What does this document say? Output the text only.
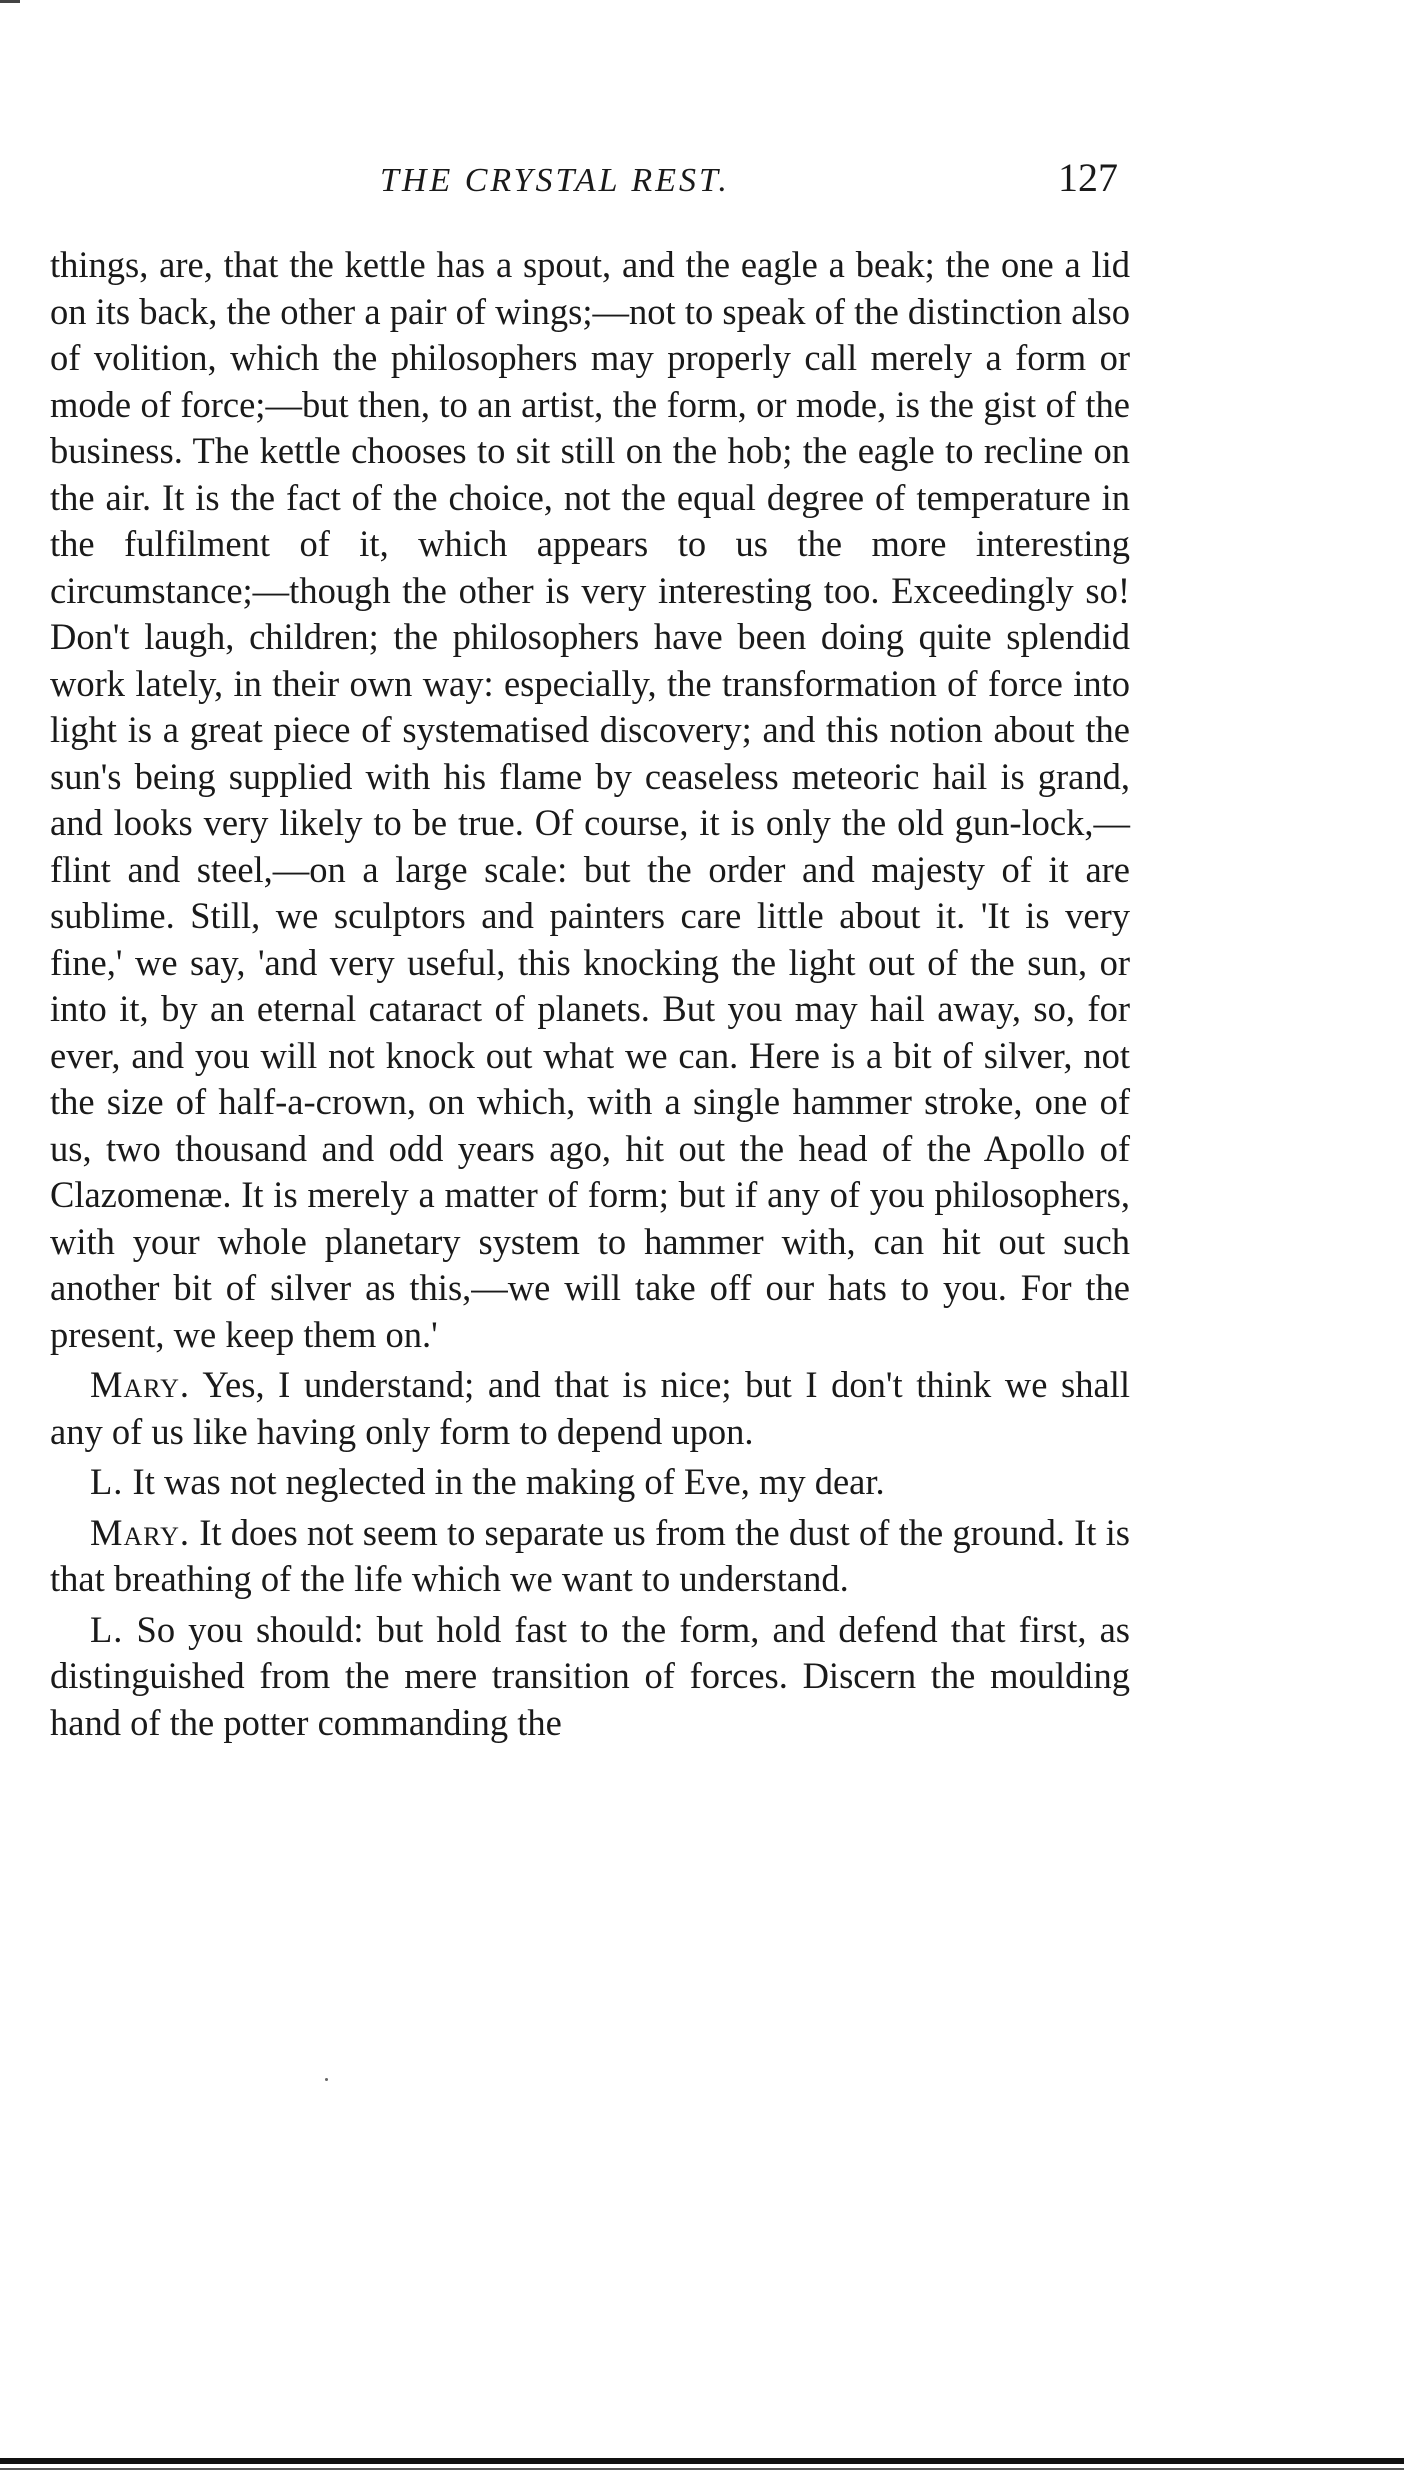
THE CRYSTAL REST.	127

things, are, that the kettle has a spout, and the eagle a beak; the one a lid on its back, the other a pair of wings;—not to speak of the distinction also of volition, which the philosophers may properly call merely a form or mode of force;—but then, to an artist, the form, or mode, is the gist of the business. The kettle chooses to sit still on the hob; the eagle to recline on the air. It is the fact of the choice, not the equal degree of temperature in the fulfilment of it, which appears to us the more interesting circumstance;—though the other is very interesting too. Exceedingly so! Don't laugh, children; the philosophers have been doing quite splendid work lately, in their own way: especially, the transformation of force into light is a great piece of systematised discovery; and this notion about the sun's being supplied with his flame by ceaseless meteoric hail is grand, and looks very likely to be true. Of course, it is only the old gun-lock,—flint and steel,—on a large scale: but the order and majesty of it are sublime. Still, we sculptors and painters care little about it. 'It is very fine,' we say, 'and very useful, this knocking the light out of the sun, or into it, by an eternal cataract of planets. But you may hail away, so, for ever, and you will not knock out what we can. Here is a bit of silver, not the size of half-a-crown, on which, with a single hammer stroke, one of us, two thousand and odd years ago, hit out the head of the Apollo of Clazomenæ. It is merely a matter of form; but if any of you philosophers, with your whole planetary system to hammer with, can hit out such another bit of silver as this,—we will take off our hats to you. For the present, we keep them on.'

Mary. Yes, I understand; and that is nice; but I don't think we shall any of us like having only form to depend upon.

L. It was not neglected in the making of Eve, my dear.

Mary. It does not seem to separate us from the dust of the ground. It is that breathing of the life which we want to understand.

L. So you should: but hold fast to the form, and defend that first, as distinguished from the mere transition of forces. Discern the moulding hand of the potter commanding the
